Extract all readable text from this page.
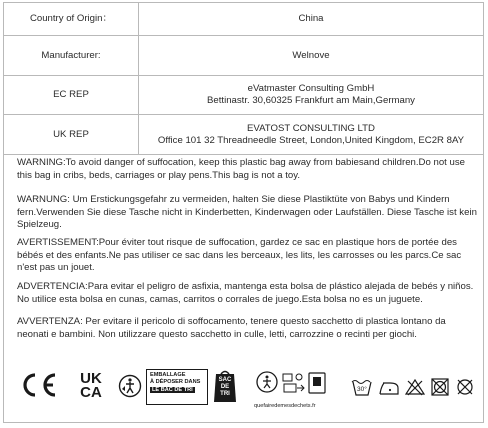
Country of Origin：	China
Manufacturer:	Welnove
EC REP	eVatmaster Consulting GmbH
Bettinastr. 30,60325 Frankfurt am Main,Germany

UK REP	EVATOST CONSULTING LTD
Office 101 32 Threadneedle Street, London,United Kingdom, EC2R 8AY

WARNING:To avoid danger of suffocation, keep this plastic bag away from babiesand children.Do not use this bag in cribs, beds, carriages or play pens.This bag is not a toy.

WARNUNG: Um Erstickungsgefahr zu vermeiden, halten Sie diese Plastiktüte von Babys und Kindern fern.Verwenden Sie diese Tasche nicht in Kinderbetten, Kinderwagen oder Laufställen. Diese Tasche ist kein Spielzeug.

AVERTISSEMENT:Pour éviter tout risque de suffocation, gardez ce sac en plastique hors de portée des bébés et des enfants.Ne pas utiliser ce sac dans les berceaux, les lits, les carrosses ou les parcs.Ce sac n'est pas un jouet.

ADVERTENCIA:Para evitar el peligro de asfixia, mantenga esta bolsa de plástico alejada de bebés y niños. No utilice esta bolsa en cunas, camas, carritos o corrales de juego.Esta bolsa no es un juguete.

AVVERTENZA: Per evitare il pericolo di soffocamento, tenere questo sacchetto di plastica lontano da neonati e bambini. Non utilizzare questo sacchetto in culle, letti, carrozzine o recinti per giochi.

UK
CA
EMBALLAGE
À DÉPOSER DANS
LE BAC DE TRI
SAC
DE
TRI
quefairedemesdechets.fr
30°
